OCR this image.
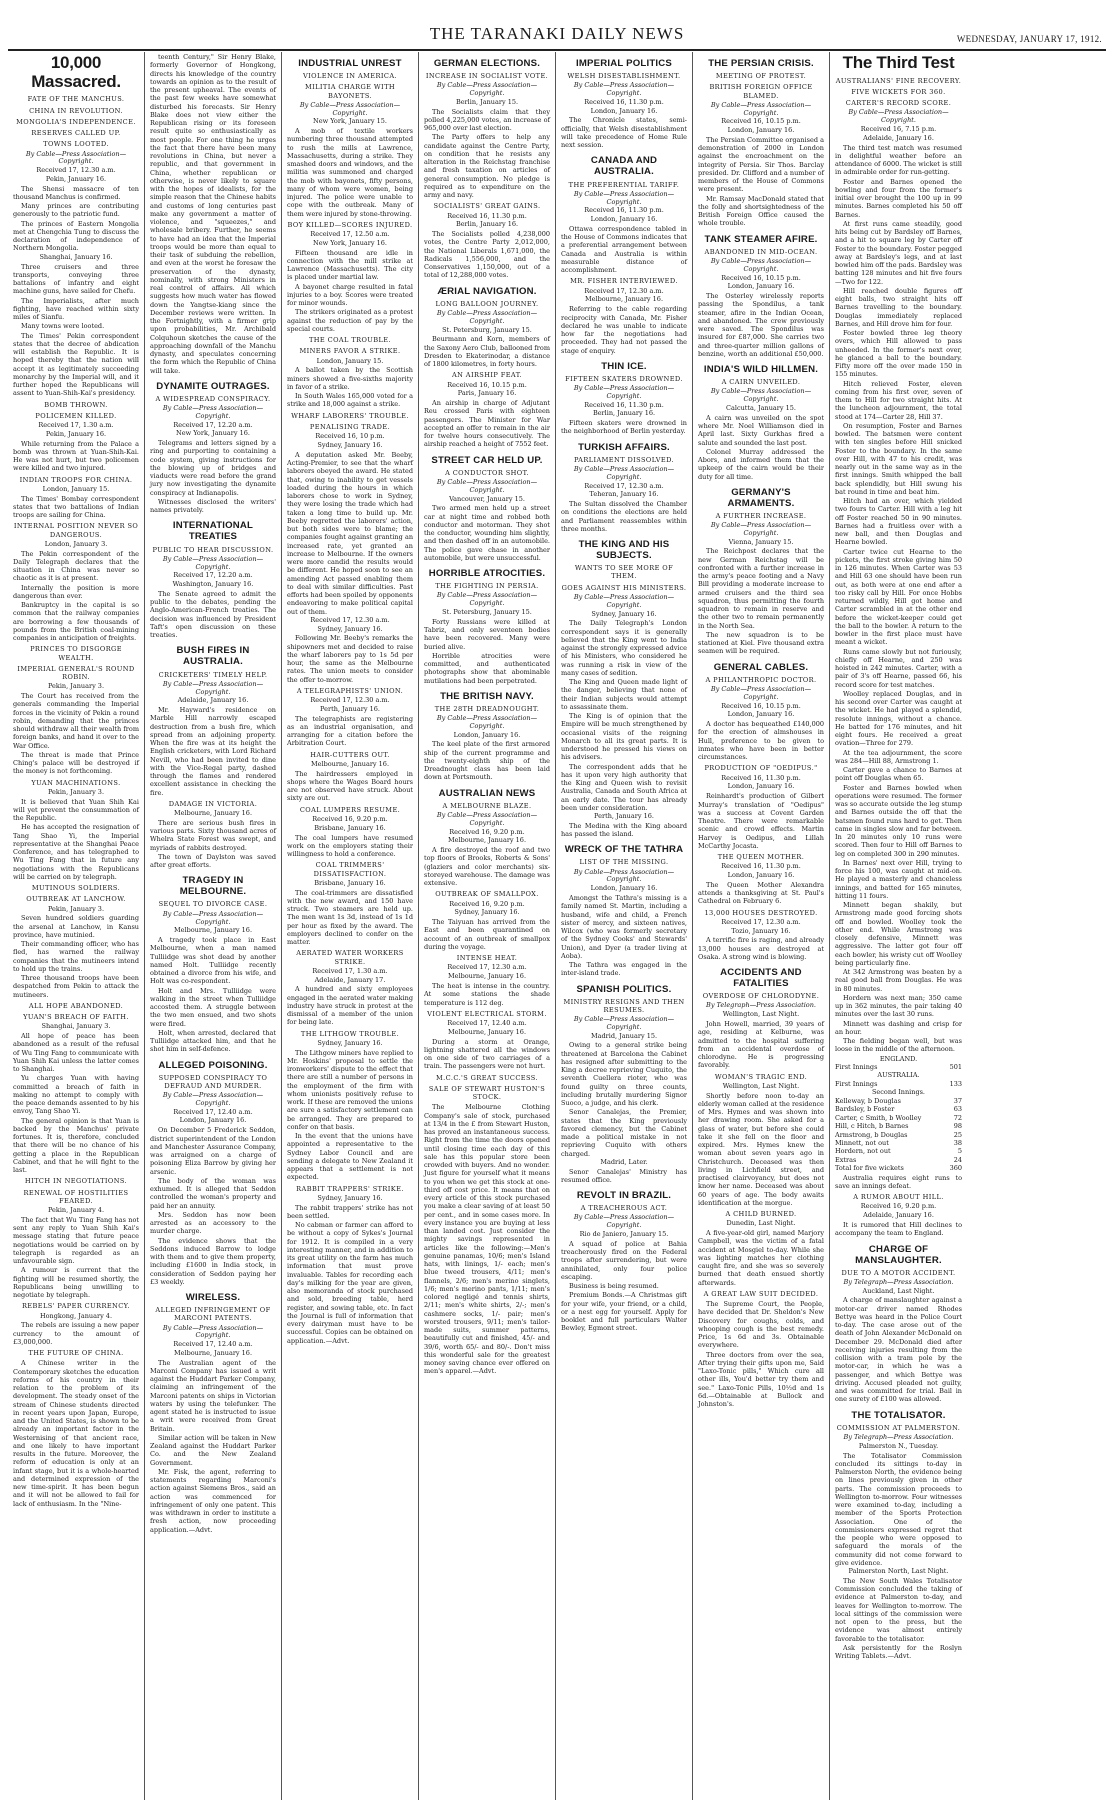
THE TARANAKI DAILY NEWS	WEDNESDAY, JANUARY 17, 1912.
10,000 Massacred.
FATE OF THE MANCHUS.
CHINA IN REVOLUTION.
MONGOLIA'S INDEPENDENCE.
RESERVES CALLED UP.
TOWNS LOOTED.
By Cable—Press Association—Copyright.
Received 17, 12.30 a.m.
Pekin, January 16.
The Shensi massacre of ten thousand Manchus is confirmed.
Many princes are contributing generously to the patriotic fund.
The princes of Eastern Mongolia met at Chengchia Tung to discuss the declaration of independence of Northern Mongolia.
Shanghai, January 16.
Three cruisers and three transports, conveying three battalions of infantry and eight machine guns, have sailed for Chefu.
The Imperialists, after much fighting, have reached within sixty miles of Sianfu.
Many towns were looted.
The Times' Pekin correspondent states that the decree of abdication will establish the Republic. It is hoped thereby that the nation will accept it as legitimately succeeding monarchy by the Imperial will, and it further hoped the Republicans will assent to Yuan-Shih-Kai's presidency.
BOMB THROWN.
POLICEMEN KILLED.
Received 17, 1.30 a.m.
Pekin, January 16.
While returning from the Palace a bomb was thrown at Yuan-Shih-Kai. He was not hurt, but two policemen were killed and two injured.
INDIAN TROOPS FOR CHINA.
London, January 15.
The Times' Bombay correspondent states that two battalions of Indian troops are sailing for China.
INTERNAL POSITION NEVER SO DANGEROUS.
London, January 3.
The Pekin correspondent of the Daily Telegraph declares that the situation in China was never so chaotic as it is at present.
Internally the position is more dangerous than ever.
Bankruptcy in the capital is so common that the railway companies are borrowing a few thousands of pounds from the British coal-mining companies in anticipation of freights.
PRINCES TO DISGORGE WEALTH.
IMPERIAL GENERAL'S ROUND ROBIN.
Pekin, January 3.
The Court has received from the generals commanding the Imperial forces in the vicinity of Pekin a round robin, demanding that the princes should withdraw all their wealth from foreign banks, and hand it over to the War Office.
The threat is made that Prince Ching's palace will be destroyed if the money is not forthcoming.
YUAN MACHINATIONS.
Pekin, January 3.
It is believed that Yuan Shih Kai will yet prevent the consummation of the Republic.
He has accepted the resignation of Tang Shao Yi, the Imperial representative at the Shanghai Peace Conference, and has telegraphed to Wu Ting Fang that in future any negotiations with the Republicans will be carried on by telegraph.
MUTINOUS SOLDIERS.
OUTBREAK AT LANCHOW.
Pekin, January 3.
Seven hundred soldiers guarding the arsenal at Lanchow, in Kansu province, have mutinied.
Their commanding officer, who has fled, has warned the railway companies that the mutineers intend to hold up the trains.
Three thousand troops have been despatched from Pekin to attack the mutineers.
ALL HOPE ABANDONED.
YUAN'S BREACH OF FAITH.
Shanghai, January 3.
All hope of peace has been abandoned as a result of the refusal of Wu Ting Fang to communicate with Yuan Shih Kai unless the latter comes to Shanghai.
Yu charges Yuan with having committed a breach of faith in making no attempt to comply with the peace demands assented to by his envoy, Tang Shao Yi.
The general opinion is that Yuan is backed by the Manchus' private fortunes. It is, therefore, concluded that there will be no chance of his getting a place in the Republican Cabinet, and that he will fight to the last.
HITCH IN NEGOTIATIONS.
RENEWAL OF HOSTILITIES FEARED.
Pekin, January 4.
The fact that Wu Ting Fang has not sent any reply to Yuan Shih Kai's message stating that future peace negotiations would be carried on by telegraph is regarded as an unfavourable sign.
A rumour is current that the fighting will be resumed shortly, the Republicans being unwilling to negotiate by telegraph.
REBELS' PAPER CURRENCY.
Hongkong, January 4.
The rebels are issuing a new paper currency to the amount of £3,000,000.
THE FUTURE OF CHINA.
A Chinese writer in the Contemporary sketches the education reforms of his country in their relation to the problem of its development. The steady onset of the stream of Chinese students directed in recent years upon Japan, Europe, and the United States, is shown to be already an important factor in the Westernising of that ancient race, and one likely to have important results in the future. Moreover, the reform of education is only at an infant stage, but it is a whole-hearted and determined expression of the new time-spirit. It has been begun and it will not be allowed to fail for lack of enthusiasm. In the "Nine-
teenth Century," Sir Henry Blake, formerly Governor of Hongkong, directs his knowledge of the country towards an opinion as to the result of the present upheaval. The events of the past few weeks have somewhat disturbed his forecasts. Sir Henry Blake does not view either the Republican rising or its foreseen result quite so enthusiastically as most people. For one thing he urges the fact that there have been many revolutions in China, but never a republic, and that government in China, whether republican or otherwise, is never likely to square with the hopes of idealists, for the simple reason that the Chinese habits and customs of long centuries past make any government a matter of violence, and "squeezes," and wholesale bribery. Further, he seems to have had an idea that the Imperial troops would be more than equal to their task of subduing the rebellion, and even at the worst he foresaw the preservation of the dynasty, nominally, with strong Ministers in real control of affairs. All which suggests how much water has flowed down the Yangtse-kiang since the December reviews were written. In the Fortnightly, with a firmer grip upon probabilities, Mr. Archibald Colquhoun sketches the cause of the approaching downfall of the Manchu dynasty, and speculates concerning the form which the Republic of China will take.
DYNAMITE OUTRAGES.
A WIDESPREAD CONSPIRACY.
By Cable—Press Association—Copyright.
Received 17, 12.20 a.m.
New York, January 16.
Telegrams and letters signed by a ring and purporting to containing a code system, giving instructions for the blowing up of bridges and viaducts were read before the grand jury now investigating the dynamite conspiracy at Indianapolis.
Witnesses disclosed the writers' names privately.
INTERNATIONAL TREATIES
PUBLIC TO HEAR DISCUSSION.
By Cable—Press Association—Copyright.
Received 17, 12.20 a.m.
Washington, January 16.
The Senate agreed to admit the public to the debates, pending the Anglo-American-French treaties. The decision was influenced by President Taft's open discussion on these treaties.
BUSH FIRES IN AUSTRALIA.
CRICKETERS' TIMELY HELP.
By Cable—Press Association—Copyright.
Adelaide, January 16.
Mr. Hayward's residence on Marble Hill narrowly escaped destruction from a bush fire, which spread from an adjoining property. When the fire was at its height the English cricketers, with Lord Richard Nevill, who had been invited to dine with the Vice-Regal party, dashed through the flames and rendered excellent assistance in checking the fire.
DAMAGE IN VICTORIA.
Melbourne, January 16.
There are serious bush fires in various parts. Sixty thousand acres of Whelra State Forest was swept, and myriads of rabbits destroyed.
The town of Daylston was saved after great efforts.
TRAGEDY IN MELBOURNE.
SEQUEL TO DIVORCE CASE.
By Cable—Press Association—Copyright.
Melbourne, January 16.
A tragedy took place in East Melbourne, when a man named Tulliidge was shot dead by another named Holt. Tulliidge recently obtained a divorce from his wife, and Holt was co-respondent.
Holt and Mrs. Tulliidge were walking in the street when Tulliidge accosted them. A struggle between the two men ensued, and two shots were fired.
Holt, when arrested, declared that Tulliidge attacked him, and that he shot him in self-defence.
ALLEGED POISONING.
SUPPOSED CONSPIRACY TO DEFRAUD AND MURDER.
By Cable—Press Association—Copyright.
Received 17, 12.40 a.m.
London, January 16.
On December 5 Frederick Seddon, district superintendent of the London and Manchester Assurance Company, was arraigned on a charge of poisoning Eliza Barrow by giving her arsenic.
The body of the woman was exhumed. It is alleged that Seddon controlled the woman's property and paid her an annuity.
Mrs. Seddon has now been arrested as an accessory to the murder charge.
The evidence shows that the Seddons induced Barrow to lodge with them and to give them property, including £1600 in India stock, in consideration of Seddon paying her £3 weekly.
WIRELESS.
ALLEGED INFRINGEMENT OF MARCONI PATENTS.
By Cable—Press Association—Copyright.
Received 17, 12.40 a.m.
Melbourne, January 16.
The Australian agent of the Marconi Company has issued a writ against the Huddart Parker Company, claiming an infringement of the Marconi patents on ships in Victorian waters by using the telefunker. The agent stated he is instructed to issue a writ were received from Great Britain.
Similar action will be taken in New Zealand against the Huddart Parker Co. and the New Zealand Government.
Mr. Fisk, the agent, referring to statements regarding Marconi's action against Siemens Bros., said an action was commenced for infringement of only one patent. This was withdrawn in order to institute a fresh action, now proceeding application.—Advt.
INDUSTRIAL UNREST
VIOLENCE IN AMERICA.
MILITIA CHARGE WITH BAYONETS.
By Cable—Press Association—Copyright.
New York, January 15.
A mob of textile workers numbering three thousand attempted to rush the mills at Lawrence, Massachusetts, during a strike. They smashed doors and windows, and the militia was summoned and charged the mob with bayonets, fifty persons, many of whom were women, being injured. The police were unable to cope with the outbreak. Many of them were injured by stone-throwing.
BOY KILLED—SCORES INJURED.
Received 17, 12.50 a.m.
New York, January 16.
Fifteen thousand are idle in connection with the mill strike at Lawrence (Massachusetts). The city is placed under martial law.
A bayonet charge resulted in fatal injuries to a boy. Scores were treated for minor wounds.
The strikers originated as a protest against the reduction of pay by the special courts.
THE COAL TROUBLE.
MINERS FAVOR A STRIKE.
London, January 15.
A ballot taken by the Scottish miners showed a five-sixths majority in favor of a strike.
In South Wales 165,000 voted for a strike and 18,000 against a strike.
WHARF LABORERS' TROUBLE.
PENALISING TRADE.
Received 16, 10 p.m.
Sydney, January 16.
A deputation asked Mr. Beeby, Acting-Premier, to see that the wharf laborers obeyed the award. He stated that, owing to inability to get vessels loaded during the hours in which laborers chose to work in Sydney, they were losing the trade which had taken a long time to build up. Mr. Beeby regretted the laborers' action, but both sides were to blame; the companies fought against granting an increased rate, yet granted an increase to Melbourne. If the owners were more candid the results would be different. He hoped soon to see an amending Act passed enabling them to deal with similar difficulties. Past efforts had been spoiled by opponents endeavoring to make political capital out of them.
Received 17, 12.30 a.m.
Sydney, January 16.
Following Mr. Beeby's remarks the shipowners met and decided to raise the wharf laborers pay to 1s 5d per hour, the same as the Melbourne rates. The union meets to consider the offer to-morrow.
A TELEGRAPHISTS' UNION.
Received 17, 12.30 a.m.
Perth, January 16.
The telegraphists are registering as an industrial organisation, and arranging for a citation before the Arbitration Court.
HAIR-CUTTERS OUT.
Melbourne, January 16.
The hairdressers employed in shops where the Wages Board hours are not observed have struck. About sixty are out.
COAL LUMPERS RESUME.
Received 16, 9.20 p.m.
Brisbane, January 16.
The coal lumpers have resumed work on the employers stating their willingness to hold a conference.
COAL TRIMMERS' DISSATISFACTION.
Brisbane, January 16.
The coal-trimmers are dissatisfied with the new award, and 150 have struck. Two steamers are held up. The men want 1s 3d, instead of 1s 1d per hour as fixed by the award. The employers declined to confer on the matter.
AERATED WATER WORKERS STRIKE.
Received 17, 1.30 a.m.
Adelaide, January 17.
A hundred and sixty employees engaged in the aerated water making industry have struck in protest at the dismissal of a member of the union for being late.
THE LITHGOW TROUBLE.
Sydney, January 16.
The Lithgow miners have replied to Mr. Hoskins' proposal to settle the ironworkers' dispute to the effect that there are still a number of persons in the employment of the firm with whom unionists positively refuse to work. If these are removed the unions are sure a satisfactory settlement can be arranged. They are prepared to confer on that basis.
In the event that the unions have appointed a representative to the Sydney Labor Council and are sending a delegate to New Zealand it appears that a settlement is not expected.
RABBIT TRAPPERS' STRIKE.
Sydney, January 16.
The rabbit trappers' strike has not been settled.
No cabman or farmer can afford to be without a copy of Sykes's Journal for 1912. It is compiled in a very interesting manner, and in addition to its great utility on the farm has much information that must prove invaluable. Tables for recording each day's milking for the year are given, also memoranda of stock purchased and sold, breeding table, herd register, and sowing table, etc. In fact the Journal is full of information that every dairyman must have to be successful. Copies can be obtained on application.—Advt.
GERMAN ELECTIONS.
INCREASE IN SOCIALIST VOTE.
By Cable—Press Association—Copyright.
Berlin, January 15.
The Socialists claim that they polled 4,225,000 votes, an increase of 965,000 over last election.
The Party offers to help any candidate against the Centre Party, on condition that he resists any alteration in the Reichstag franchise and fresh taxation on articles of general consumption. No pledge is required as to expenditure on the army and navy.
SOCIALISTS' GREAT GAINS.
Received 16, 11.30 p.m.
Berlin, January 16.
The Socialists polled 4,238,000 votes, the Centre Party 2,012,000, the National Liberals 1,671,000, the Radicals 1,556,000, and the Conservatives 1,150,000, out of a total of 12,288,000 votes.
ÆRIAL NAVIGATION.
LONG BALLOON JOURNEY.
By Cable—Press Association—Copyright.
St. Petersburg, January 15.
Beurmann and Korn, members of the Saxony Aero Club, ballooned from Dresden to Ekaterinodar, a distance of 1800 kilometres, in forty hours.
AN AIRSHIP FEAT.
Received 16, 10.15 p.m.
Paris, January 16.
An airship in charge of Adjutant Reu crossed Paris with eighteen passengers. The Minister for War accepted an offer to remain in the air for twelve hours consecutively. The airship reached a height of 7552 feet.
STREET CAR HELD UP.
A CONDUCTOR SHOT.
By Cable—Press Association—Copyright.
Vancouver, January 15.
Two armed men held up a street car at night time and robbed both conductor and motorman. They shot the conductor, wounding him slightly, and then dashed off in an automobile. The police gave chase in another automobile, but were unsuccessful.
HORRIBLE ATROCITIES.
THE FIGHTING IN PERSIA.
By Cable—Press Association—Copyright.
St. Petersburg, January 15.
Forty Russians were killed at Tabriz, and only seventeen bodies have been recovered. Many were buried alive.
Horrible atrocities were committed, and authenticated photographs show that abominable mutilations had been perpetrated.
THE BRITISH NAVY.
THE 28TH DREADNOUGHT.
By Cable—Press Association—Copyright.
London, January 16.
The keel plate of the first armored ship of the current programme and the twenty-eighth ship of the Dreadnought class has been laid down at Portsmouth.
AUSTRALIAN NEWS
A MELBOURNE BLAZE.
By Cable—Press Association—Copyright.
Received 16, 9.20 p.m.
Melbourne, January 16.
A fire destroyed the roof and two top floors of Brooks, Roberts & Sons' (glaziers and color merchants) six-storeyed warehouse. The damage was extensive.
OUTBREAK OF SMALLPOX.
Received 16, 9.20 p.m.
Sydney, January 16.
The Taiyuan has arrived from the East and been quarantined on account of an outbreak of smallpox during the voyage.
INTENSE HEAT.
Received 17, 12.30 a.m.
Melbourne, January 16.
The heat is intense in the country. At some stations the shade temperature is 112 deg.
VIOLENT ELECTRICAL STORM.
Received 17, 12.40 a.m.
Melbourne, January 16.
During a storm at Orange, lightning shattered all the windows on one side of two carriages of a train. The passengers were not hurt.
M.C.C.'S GREAT SUCCESS.
SALE OF STEWART HUSTON'S STOCK.
The Melbourne Clothing Company's sale of stock, purchased at 13/4 in the £ from Stewart Huston, has proved an instantaneous success. Right from the time the doors opened until closing time each day of this sale has this popular store been crowded with buyers. And no wonder. Just figure for yourself what it means to you when we get this stock at one-third off cost price. It means that on every article of this stock purchased you make a clear saving of at least 50 per cent., and in some cases more. In every instance you are buying at less than landed cost. Just consider the mighty savings represented in articles like the following:—Men's genuine panamas, 10/6; men's Island hats, with linings, 1/- each; men's blue tweed trousers, 4/11; men's flannels, 2/6; men's merino singlets, 1/6; men's merino pants, 1/11; men's colored negligé and tennis shirts, 2/11; men's white shirts, 2/-; men's cashmere socks, 1/- pair; men's worsted trousers, 9/11; men's tailor-made suits, summer patterns, beautifully cut and finished, 45/- and 39/6, worth 65/- and 80/-. Don't miss this wonderful sale for the greatest money saving chance ever offered on men's apparel.—Advt.
IMPERIAL POLITICS
WELSH DISESTABLISHMENT.
By Cable—Press Association—Copyright.
Received 16, 11.30 p.m.
London, January 16.
The Chronicle states, semi-officially, that Welsh disestablishment will take precedence of Home Rule next session.
CANADA AND AUSTRALIA.
THE PREFERENTIAL TARIFF.
By Cable—Press Association—Copyright.
Received 16, 11.30 p.m.
London, January 16.
Ottawa correspondence tabled in the House of Commons indicates that a preferential arrangement between Canada and Australia is within measurable distance of accomplishment.
MR. FISHER INTERVIEWED.
Received 17, 12.30 a.m.
Melbourne, January 16.
Referring to the cable regarding reciprocity with Canada, Mr. Fisher declared he was unable to indicate how far the negotiations had proceeded. They had not passed the stage of enquiry.
THIN ICE.
FIFTEEN SKATERS DROWNED.
By Cable—Press Association—Copyright.
Received 16, 11.30 p.m.
Berlin, January 16.
Fifteen skaters were drowned in the neighborhood of Berlin yesterday.
TURKISH AFFAIRS.
PARLIAMENT DISSOLVED.
By Cable—Press Association—Copyright.
Received 17, 12.30 a.m.
Teheran, January 16.
The Sultan dissolved the Chamber on conditions the elections are held and Parliament reassembles within three months.
THE KING AND HIS SUBJECTS.
WANTS TO SEE MORE OF THEM.
GOES AGAINST HIS MINISTERS.
By Cable—Press Association—Copyright.
Sydney, January 16.
The Daily Telegraph's London correspondent says it is generally believed that the King went to India against the strongly expressed advice of his Ministers, who considered he was running a risk in view of the many cases of sedition.
The King and Queen made light of the danger, believing that none of their Indian subjects would attempt to assassinate them.
The King is of opinion that the Empire will be much strengthened by occasional visits of the reigning Monarch to all its great parts. It is understood he pressed his views on his advisers.
The correspondent adds that he has it upon very high authority that the King and Queen wish to revisit Australia, Canada and South Africa at an early date. The tour has already been under consideration.
Perth, January 16.
The Medina with the King aboard has passed the island.
WRECK OF THE TATHRA
LIST OF THE MISSING.
By Cable—Press Association—Copyright.
London, January 16.
Amongst the Tathra's missing is a family named St. Martin, including a husband, wife and child, a French sister of mercy, and sixteen natives, Wilcox (who was formerly secretary of the Sydney Cooks' and Stewards' Union), and Dyer (a trader living at Aoba).
The Tathra was engaged in the inter-island trade.
SPANISH POLITICS.
MINISTRY RESIGNS AND THEN RESUMES.
By Cable—Press Association—Copyright.
Madrid, January 15.
Owing to a general strike being threatened at Barcelona the Cabinet has resigned after submitting to the King a decree reprieving Cuquito, the seventh Cuellera rioter, who was found guilty on three counts, including brutally murdering Signor Suoco, a judge, and his clerk.
Senor Canalejas, the Premier, states that the King previously favored clemency, but the Cabinet made a political mistake in not reprieving Cuquito with others charged.
Madrid, Later.
Senor Canalejas' Ministry has resumed office.
REVOLT IN BRAZIL.
A TREACHEROUS ACT.
By Cable—Press Association—Copyright.
Rio de Janiero, January 15.
A squad of police at Bahia treacherously fired on the Federal troops after surrendering, but were annihilated, only four police escaping.
Business is being resumed.
Premium Bonds.—A Christmas gift for your wife, your friend, or a child, or a nest egg for yourself. Apply for booklet and full particulars Walter Bewley, Egmont street.
THE PERSIAN CRISIS.
MEETING OF PROTEST.
BRITISH FOREIGN OFFICE BLAMED.
By Cable—Press Association—Copyright.
Received 16, 10.15 p.m.
London, January 16.
The Persian Committee organised a demonstration of 2000 in London against the encroachment on the integrity of Persia. Sir Thos. Barclay presided. Dr. Clifford and a number of members of the House of Commons were present.
Mr. Ramsay MacDonald stated that the folly and shortsightedness of the British Foreign Office caused the whole trouble.
TANK STEAMER AFIRE.
ABANDONED IN MID-OCEAN.
By Cable—Press Association—Copyright.
Received 16, 10.15 p.m.
London, January 16.
The Osterley wirelessly reports passing the Spondilus, a tank steamer, afire in the Indian Ocean, and abandoned. The crew previously were saved. The Spondilus was insured for £87,000. She carries two and three-quarter million gallons of benzine, worth an additional £50,000.
INDIA'S WILD HILLMEN.
A CAIRN UNVEILED.
By Cable—Press Association—Copyright.
Calcutta, January 15.
A cairn was unveiled on the spot where Mr. Noel Williamson died in April last. Sixty Gurkhas fired a salute and sounded the last post.
Colonel Murray addressed the Abors, and informed them that the upkeep of the cairn would be their duty for all time.
GERMANY'S ARMAMENTS.
A FURTHER INCREASE.
By Cable—Press Association—Copyright.
Vienna, January 15.
The Reichpost declares that the new German Reichstag will be confronted with a further increase in the army's peace footing and a Navy Bill providing a moderate increase to armed cruisers and the third sea squadron, thus permitting the fourth squadron to remain in reserve and the other two to remain permanently in the North Sea.
The new squadron is to be stationed at Kiel. Five thousand extra seamen will be required.
GENERAL CABLES.
A PHILANTHROPIC DOCTOR.
By Cable—Press Association—Copyright.
Received 16, 10.15 p.m.
London, January 16.
A doctor has bequeathed £140,000 for the erection of almshouses in Hull, preference to be given to inmates who have been in better circumstances.
PRODUCTION OF "OEDIPUS."
Received 16, 11.30 p.m.
London, January 16.
Reinhardt's production of Gilbert Murray's translation of "Oedipus" was a success at Covent Garden Theatre. There were remarkable scenic and crowd effects. Martin Harvey is Oedipus, and Lillah McCarthy Jocasta.
THE QUEEN MOTHER.
Received 16, 11.30 p.m.
London, January 16.
The Queen Mother Alexandra attends a thanksgiving at St. Paul's Cathedral on February 6.
13,000 HOUSES DESTROYED.
Received 17, 12.30 a.m.
Tozio, January 16.
A terrific fire is raging, and already 13,000 houses are destroyed at Osaka. A strong wind is blowing.
ACCIDENTS AND FATALITIES
OVERDOSE OF CHLORODYNE.
By Telegraph—Press Association.
Wellington, Last Night.
John Howell, married, 39 years of age, residing at Kelburne, was admitted to the hospital suffering from an accidental overdose of chlorodyne. He is progressing favorably.
WOMAN'S TRAGIC END.
Wellington, Last Night.
Shortly before noon to-day an elderly woman called at the residence of Mrs. Hymes and was shown into her drawing room. She asked for a glass of water, but before she could take it she fell on the floor and expired. Mrs. Hymes knew the woman about seven years ago in Christchurch. Deceased was then living in Lichfield street, and practised clairvoyancy, but does not know her name. Deceased was about 60 years of age. The body awaits identification at the morgue.
A CHILD BURNED.
Dunedin, Last Night.
A five-year-old girl, named Marjory Campbell, was the victim of a fatal accident at Mosgiel to-day. While she was lighting matches her clothing caught fire, and she was so severely burned that death ensued shortly afterwards.
A GREAT LAW SUIT DECIDED.
The Supreme Court, the People, have decided that Dr. Sheldon's New Discovery for coughs, colds, and whooping cough is the best remedy. Price, 1s 6d and 3s. Obtainable everywhere.
Three doctors from over the sea, After trying their gifts upon me, Said "Laxo-Tonic pills," Which cure all other ills, You'd better try them and see." Laxo-Tonic Pills, 10½d and 1s 6d.—Obtainable at Bullock and Johnston's.
The Third Test
AUSTRALIANS' FINE RECOVERY.
FIVE WICKETS FOR 360.
CARTER'S RECORD SCORE.
By Cable—Press Association—Copyright.
Received 16, 7.15 p.m.
Adelaide, January 16.
The third test match was resumed in delightful weather before an attendance of 6000. The wicket is still in admirable order for run-getting.
Foster and Barnes opened the bowling and four from the former's initial over brought the 100 up in 99 minutes. Barnes completed his 50 off Barnes.
At first runs came steadily, good hits being cut by Bardsley off Barnes, and a hit to square leg by Carter off Foster to the boundary. Foster pegged away at Bardsley's legs, and at last bowled him off the pads. Bardsley was batting 128 minutes and hit five fours—Two for 122.
Hill reached double figures off eight balls, two straight hits off Barnes travelling to the boundary. Douglas immediately replaced Barnes, and Hill drove him for four.
Foster bowled three leg theory overs, which Hill allowed to pass unheeded. In the former's next over, he glanced a ball to the boundary. Fifty more off the over made 150 in 155 minutes.
Hitch relieved Foster, eleven coming from his first over, seven of them to Hill for two straight hits. At the luncheon adjournment, the total stood at 174—Carter 28, Hill 37.
On resumption, Foster and Barnes bowled. The batsmen were content with ten singles before Hill snicked Foster to the boundary. In the same over Hill, with 47 to his credit, was nearly out in the same way as in the first innings. Smith whipped the ball back splendidly, but Hill swung his bat round in time and beat him.
Hitch had an over, which yielded two fours to Carter. Hill with a leg hit off Foster reached 50 in 90 minutes. Barnes had a fruitless over with a new ball, and then Douglas and Hearne bowled.
Carter twice cut Hearne to the pickets, the first stroke giving him 50 in 126 minutes. When Carter was 53 and Hill 63 one should have been run out, as both were at one end after a too risky call by Hill. For once Hobbs returned wildly, Hill got home and Carter scrambled in at the other end before the wicket-keeper could get the ball to the bowler. A return to the bowler in the first place must have meant a wicket.
Runs came slowly but not furiously, chiefly off Hearne, and 250 was hoisted in 242 minutes. Carter, with a pair of 3's off Hearne, passed 66, his record score for test matches.
Woolley replaced Douglas, and in his second over Carter was caught at the wicket. He had played a splendid, resolute innings, without a chance. He batted for 176 minutes, and hit eight fours. He received a great ovation—Three for 279.
At the tea adjournment, the score was 284—Hill 88, Armstrong 1.
Carter gave a chance to Barnes at point off Douglas when 65.
Foster and Barnes bowled when operations were resumed. The former was so accurate outside the leg stump and Barnes outside the off that the batsmen found runs hard to get. Then came in singles slow and far between. In 20 minutes only 10 runs were scored. Then four to Hill off Barnes to leg on completed 300 in 290 minutes.
In Barnes' next over Hill, trying to force his 100, was caught at mid-on. He played a masterly and chanceless innings, and batted for 165 minutes, hitting 11 fours.
Minnett began shakily, but Armstrong made good forcing shots off and bowled. Woolley took the other end. While Armstrong was closely defensive, Minnett was aggressive. The latter got four off each bowler, his wristy cut off Woolley being particularly fine.
At 342 Armstrong was beaten by a real good ball from Douglas. He was in 80 minutes.
Hordern was next man; 350 came up in 362 minutes, the pair taking 40 minutes over the last 30 runs.
Minnett was dashing and crisp for an hour.
The fielding began well, but was loose in the middle of the afternoon.
ENGLAND.
First Innings	501
AUSTRALIA.
First Innings	133
Second Innings.
Kelleway, b Douglas	37
Bardsley, b Foster	63
Carter, c Smith, b Woolley	72
Hill, c Hitch, b Barnes	98
Armstrong, b Douglas	25
Minnett, not out	38
Hordern, not out	5
Extras	24
Total for five wickets	360
Australia requires eight runs to save an innings defeat.
A RUMOR ABOUT HILL.
Received 16, 9.20 p.m.
Adelaide, January 16.
It is rumored that Hill declines to accompany the team to England.
CHARGE OF MANSLAUGHTER.
DUE TO A MOTOR ACCIDENT.
By Telegraph—Press Association.
Auckland, Last Night.
A charge of manslaughter against a motor-car driver named Rhodes Bettye was heard in the Police Court to-day. The case arose out of the death of John Alexander McDonald on December 29. McDonald died after receiving injuries resulting from the collision with a tram pole by the motor-car, in which he was a passenger, and which Bettye was driving. Accused pleaded not guilty, and was committed for trial. Bail in one surety of £100 was allowed.
THE TOTALISATOR.
COMMISSION AT PALMERSTON.
By Telegraph—Press Association.
Palmerston N., Tuesday.
The Totalisator Commission concluded its sittings to-day in Palmerston North, the evidence being on lines previously given in other parts. The commission proceeds to Wellington to-morrow. Four witnesses were examined to-day, including a member of the Sports Protection Association. One of the commissioners expressed regret that the people who were opposed to safeguard the morals of the community did not come forward to give evidence.
Palmerston North, Last Night.
The New South Wales Totalisator Commission concluded the taking of evidence at Palmerston to-day, and leaves for Wellington to-morrow. The local sittings of the commission were not open to the press, but the evidence was almost entirely favorable to the totalisator.
Ask persistently for the Roslyn Writing Tablets.—Advt.
